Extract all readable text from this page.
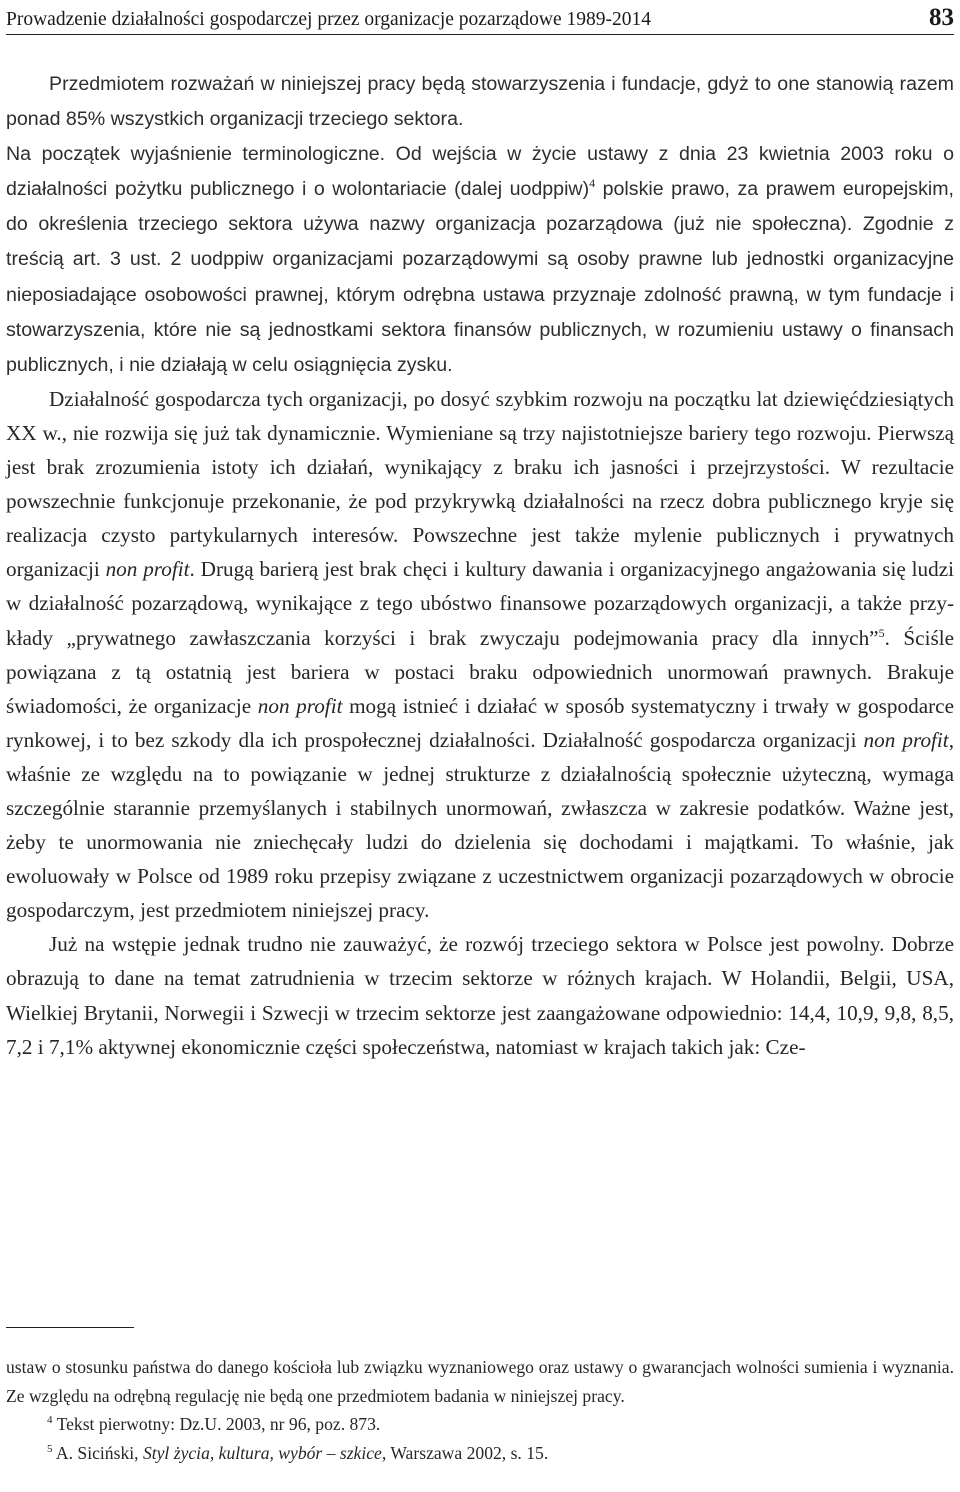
Prowadzenie działalności gospodarczej przez organizacje pozarządowe 1989-2014	83

Przedmiotem rozważań w niniejszej pracy będą stowarzyszenia i fundacje, gdyż to one stanowią razem ponad 85% wszystkich organizacji trzeciego sektora.
Na początek wyjaśnienie terminologiczne. Od wejścia w życie ustawy z dnia 23 kwietnia 2003 roku o działalności pożytku publicznego i o wolontariacie (dalej uodppiw)$^4$ polskie prawo, za prawem europejskim, do określenia trzeciego sektora używa nazwy organizacja pozarządowa (już nie społeczna). Zgodnie z treścią art. 3 ust. 2 uodppiw organizacjami pozarządowymi są osoby prawne lub jednostki organizacyjne nieposiadające osobowości prawnej, którym odrębna ustawa przyznaje zdolność prawną, w tym fundacje i stowarzyszenia, które nie są jednostkami sektora finansów publicznych, w rozumieniu ustawy o finansach publicznych, i nie działają w celu osiągnięcia zysku.

Działalność gospodarcza tych organizacji, po dosyć szybkim rozwoju na początku lat dziewięćdziesiątych XX w., nie rozwija się już tak dynamicznie. Wymieniane są trzy najistotniejsze bariery tego rozwoju. Pierwszą jest brak zrozumienia istoty ich działań, wynikający z braku ich jasności i przejrzystości. W rezultacie powszechnie funkcjonuje przekonanie, że pod przykrywką działalności na rzecz dobra publicznego kryje się realizacja czysto partykularnych interesów. Powszechne jest także mylenie publicznych i prywatnych organizacji non profit. Drugą barierą jest brak chęci i kultury dawania i organizacyjnego angażowania się ludzi w działalność pozarządową, wynikające z tego ubóstwo finansowe pozarządowych organizacji, a także przykłady „prywatnego zawłaszczania korzyści i brak zwyczaju podejmowania pracy dla innych”$^5$. Ściśle powiązana z tą ostatnią jest bariera w postaci braku odpowiednich unormowań prawnych. Brakuje świadomości, że organizacje non profit mogą istnieć i działać w sposób systematyczny i trwały w gospodarce rynkowej, i to bez szkody dla ich prospołecznej działalności. Działalność gospodarcza organizacji non profit, właśnie ze względu na to powiązanie w jednej strukturze z działalnością społecznie użyteczną, wymaga szczególnie starannie przemyślanych i stabilnych unormowań, zwłaszcza w zakresie podatków. Ważne jest, żeby te unormowania nie zniechęcały ludzi do dzielenia się dochodami i majątkami. To właśnie, jak ewoluowały w Polsce od 1989 roku przepisy związane z uczestnictwem organizacji pozarządowych w obrocie gospodarczym, jest przedmiotem niniejszej pracy.

Już na wstępie jednak trudno nie zauważyć, że rozwój trzeciego sektora w Polsce jest powolny. Dobrze obrazują to dane na temat zatrudnienia w trzecim sektorze w różnych krajach. W Holandii, Belgii, USA, Wielkiej Brytanii, Norwegii i Szwecji w trzecim sektorze jest zaangażowane odpowiednio: 14,4, 10,9, 9,8, 8,5, 7,2 i 7,1% aktywnej ekonomicznie części społeczeństwa, natomiast w krajach takich jak: Cze-

ustaw o stosunku państwa do danego kościoła lub związku wyznaniowego oraz ustawy o gwarancjach wolności sumienia i wyznania. Ze względu na odrębną regulację nie będą one przedmiotem badania w niniejszej pracy.

$^4$ Tekst pierwotny: Dz.U. 2003, nr 96, poz. 873.

$^5$ A. Siciński, Styl życia, kultura, wybór – szkice, Warszawa 2002, s. 15.
